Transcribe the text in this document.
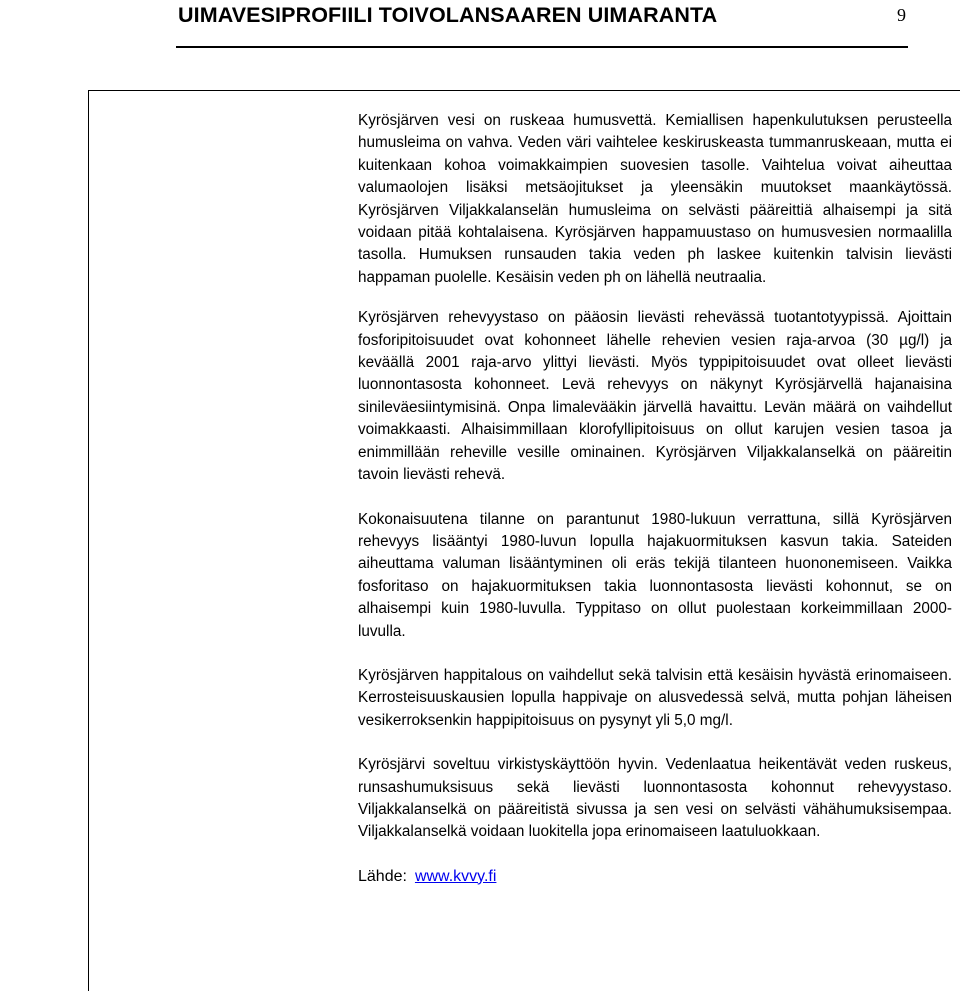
UIMAVESIPROFIILI TOIVOLANSAAREN UIMARANTA	9

Kyrösjärven vesi on ruskeaa humusvettä. Kemiallisen hapenkulutuksen perusteella humusleima on vahva. Veden väri vaihtelee keskiruskeasta tummanruskeaan, mutta ei kuitenkaan kohoa voimakkaimpien suovesien tasolle. Vaihtelua voivat aiheuttaa valumaolojen lisäksi metsäojitukset ja yleensäkin muutokset maankäytössä. Kyrösjärven Viljakkalanselän humusleima on selvästi pääreittiä alhaisempi ja sitä voidaan pitää kohtalaisena. Kyrösjärven happamuustaso on humusvesien normaalilla tasolla. Humuksen runsauden takia veden ph laskee kuitenkin talvisin lievästi happaman puolelle. Kesäisin veden ph on lähellä neutraalia.

Kyrösjärven rehevyystaso on pääosin lievästi rehevässä tuotantotyypissä. Ajoittain fosforipitoisuudet ovat kohonneet lähelle rehevien vesien raja-arvoa (30 µg/l) ja keväällä 2001 raja-arvo ylittyi lievästi. Myös typpipitoisuudet ovat olleet lievästi luonnontasosta kohonneet. Levä rehevyys on näkynyt Kyrösjärvellä hajanaisina sinileväesiintymisinä. Onpa limalevääkin järvellä havaittu. Levän määrä on vaihdellut voimakkaasti. Alhaisimmillaan klorofyllipitoisuus on ollut karujen vesien tasoa ja enimmillään reheville vesille ominainen. Kyrösjärven Viljakkalanselkä on pääreitin tavoin lievästi rehevä.

Kokonaisuutena tilanne on parantunut 1980-lukuun verrattuna, sillä Kyrösjärven rehevyys lisääntyi 1980-luvun lopulla hajakuormituksen kasvun takia. Sateiden aiheuttama valuman lisääntyminen oli eräs tekijä tilanteen huononemiseen. Vaikka fosforitaso on hajakuormituksen takia luonnontasosta lievästi kohonnut, se on alhaisempi kuin 1980-luvulla. Typpitaso on ollut puolestaan korkeimmillaan 2000-luvulla.

Kyrösjärven happitalous on vaihdellut sekä talvisin että kesäisin hyvästä erinomaiseen. Kerrosteisuuskausien lopulla happivaje on alusvedessä selvä, mutta pohjan läheisen vesikerroksenkin happipitoisuus on pysynyt yli 5,0 mg/l.

Kyrösjärvi soveltuu virkistyskäyttöön hyvin. Vedenlaatua heikentävät veden ruskeus, runsashumuksisuus sekä lievästi luonnontasosta kohonnut rehevyystaso. Viljakkalanselkä on pääreitistä sivussa ja sen vesi on selvästi vähähumuksisempaa. Viljakkalanselkä voidaan luokitella jopa erinomaiseen laatuluokkaan.

Lähde: www.kvvy.fi
